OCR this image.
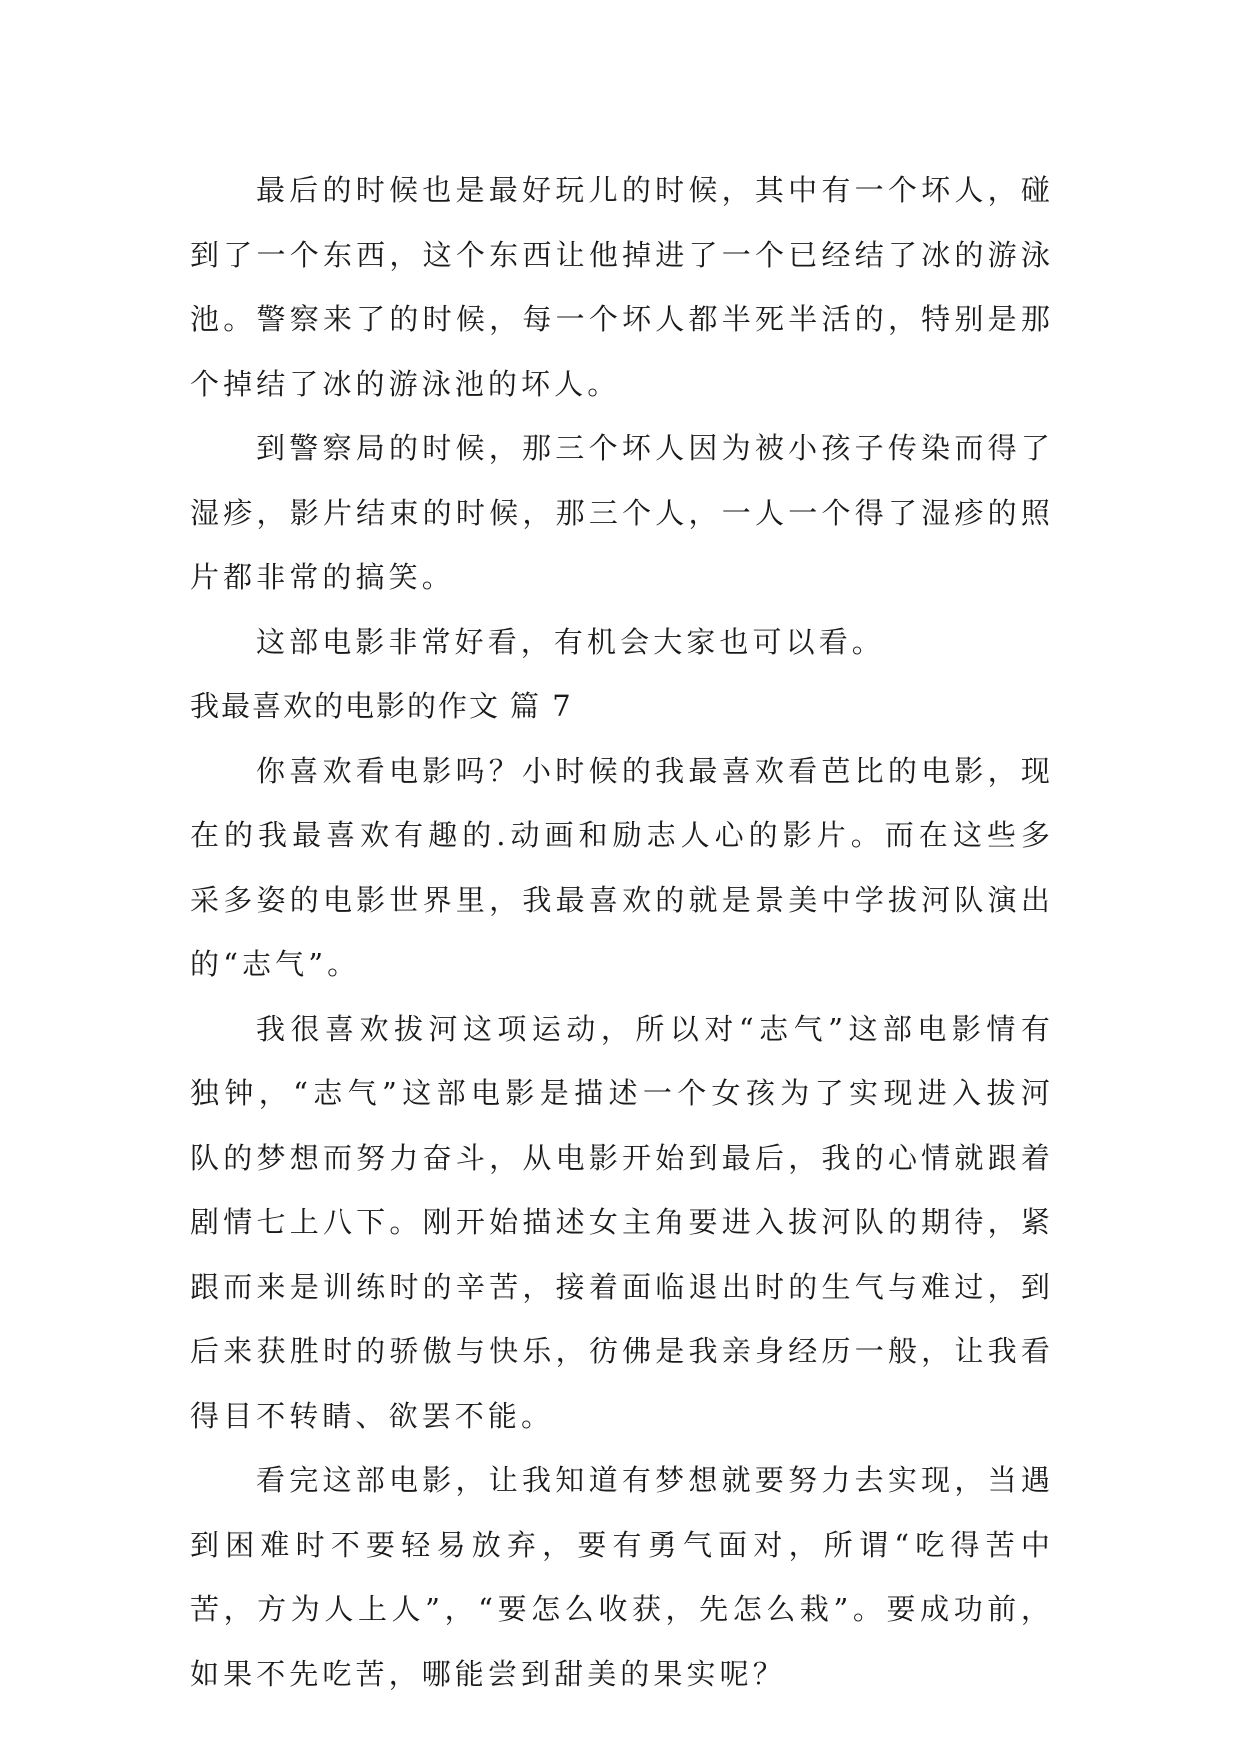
最后的时候也是最好玩儿的时候，其中有一个坏人，碰到了一个东西，这个东西让他掉进了一个已经结了冰的游泳池。警察来了的时候，每一个坏人都半死半活的，特别是那个掉结了冰的游泳池的坏人。

到警察局的时候，那三个坏人因为被小孩子传染而得了湿疹，影片结束的时候，那三个人，一人一个得了湿疹的照片都非常的搞笑。

这部电影非常好看，有机会大家也可以看。

我最喜欢的电影的作文 篇 7

你喜欢看电影吗？小时候的我最喜欢看芭比的电影，现在的我最喜欢有趣的.动画和励志人心的影片。而在这些多采多姿的电影世界里，我最喜欢的就是景美中学拔河队演出的“志气”。

我很喜欢拔河这项运动，所以对“志气”这部电影情有独钟，“志气”这部电影是描述一个女孩为了实现进入拔河队的梦想而努力奋斗，从电影开始到最后，我的心情就跟着剧情七上八下。刚开始描述女主角要进入拔河队的期待，紧跟而来是训练时的辛苦，接着面临退出时的生气与难过，到后来获胜时的骄傲与快乐，彷佛是我亲身经历一般，让我看得目不转睛、欲罢不能。

看完这部电影，让我知道有梦想就要努力去实现，当遇到困难时不要轻易放弃，要有勇气面对，所谓“吃得苦中苦，方为人上人”，“要怎么收获，先怎么栽”。要成功前，如果不先吃苦，哪能尝到甜美的果实呢？
